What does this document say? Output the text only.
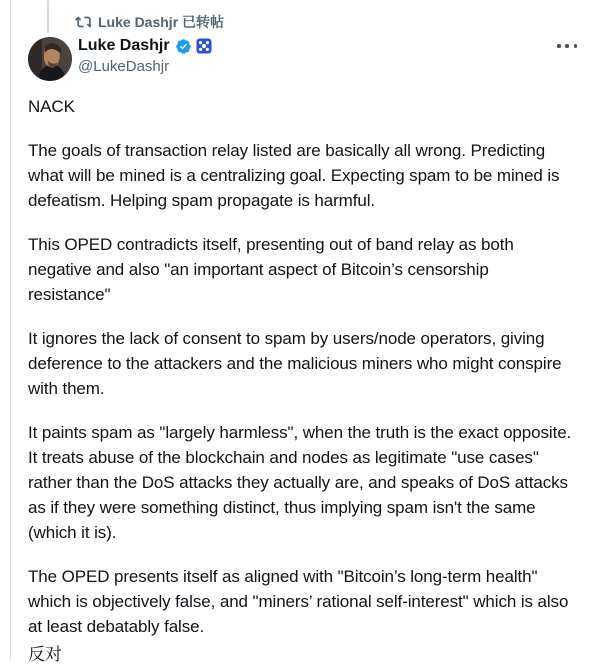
Luke Dashjr 已转帖
Luke Dashjr
@LukeDashjr

NACK

The goals of transaction relay listed are basically all wrong. Predicting what will be mined is a centralizing goal. Expecting spam to be mined is defeatism. Helping spam propagate is harmful.

This OPED contradicts itself, presenting out of band relay as both negative and also "an important aspect of Bitcoin’s censorship resistance"

It ignores the lack of consent to spam by users/node operators, giving deference to the attackers and the malicious miners who might conspire with them.

It paints spam as "largely harmless", when the truth is the exact opposite. It treats abuse of the blockchain and nodes as legitimate "use cases" rather than the DoS attacks they actually are, and speaks of DoS attacks as if they were something distinct, thus implying spam isn't the same (which it is).

The OPED presents itself as aligned with "Bitcoin’s long-term health" which is objectively false, and "miners’ rational self-interest" which is also at least debatably false.

反对
